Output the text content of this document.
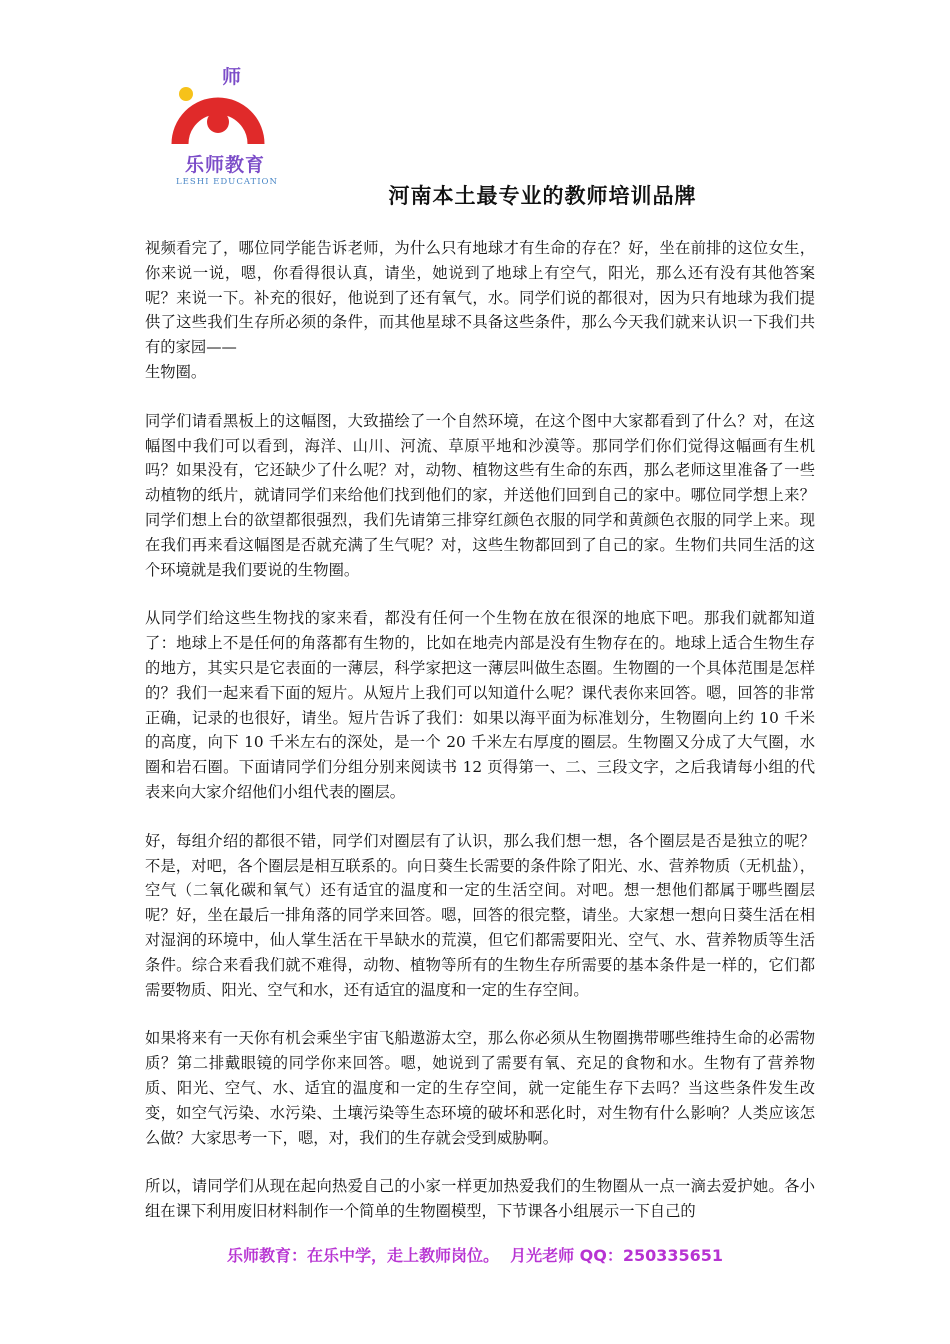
师
乐师教育
LESHI EDUCATION
河南本土最专业的教师培训品牌

视频看完了，哪位同学能告诉老师，为什么只有地球才有生命的存在？好，坐在前排的这位女生，你来说一说，嗯，你看得很认真，请坐，她说到了地球上有空气，阳光，那么还有没有其他答案呢？来说一下。补充的很好，他说到了还有氧气，水。同学们说的都很对，因为只有地球为我们提供了这些我们生存所必须的条件，而其他星球不具备这些条件，那么今天我们就来认识一下我们共有的家园——
生物圈。

同学们请看黑板上的这幅图，大致描绘了一个自然环境，在这个图中大家都看到了什么？对，在这幅图中我们可以看到，海洋、山川、河流、草原平地和沙漠等。那同学们你们觉得这幅画有生机吗？如果没有，它还缺少了什么呢？对，动物、植物这些有生命的东西，那么老师这里准备了一些动植物的纸片，就请同学们来给他们找到他们的家，并送他们回到自己的家中。哪位同学想上来？同学们想上台的欲望都很强烈，我们先请第三排穿红颜色衣服的同学和黄颜色衣服的同学上来。现在我们再来看这幅图是否就充满了生气呢？对，这些生物都回到了自己的家。生物们共同生活的这个环境就是我们要说的生物圈。

从同学们给这些生物找的家来看，都没有任何一个生物在放在很深的地底下吧。那我们就都知道了：地球上不是任何的角落都有生物的，比如在地壳内部是没有生物存在的。地球上适合生物生存的地方，其实只是它表面的一薄层，科学家把这一薄层叫做生态圈。生物圈的一个具体范围是怎样的？我们一起来看下面的短片。从短片上我们可以知道什么呢？课代表你来回答。嗯，回答的非常正确，记录的也很好，请坐。短片告诉了我们：如果以海平面为标准划分，生物圈向上约 10 千米的高度，向下 10 千米左右的深处，是一个 20 千米左右厚度的圈层。生物圈又分成了大气圈，水圈和岩石圈。下面请同学们分组分别来阅读书 12 页得第一、二、三段文字，之后我请每小组的代表来向大家介绍他们小组代表的圈层。

好，每组介绍的都很不错，同学们对圈层有了认识，那么我们想一想，各个圈层是否是独立的呢？不是，对吧，各个圈层是相互联系的。向日葵生长需要的条件除了阳光、水、营养物质（无机盐），空气（二氧化碳和氧气）还有适宜的温度和一定的生活空间。对吧。想一想他们都属于哪些圈层呢？好，坐在最后一排角落的同学来回答。嗯，回答的很完整，请坐。大家想一想向日葵生活在相对湿润的环境中，仙人掌生活在干旱缺水的荒漠，但它们都需要阳光、空气、水、营养物质等生活条件。综合来看我们就不难得，动物、植物等所有的生物生存所需要的基本条件是一样的，它们都需要物质、阳光、空气和水，还有适宜的温度和一定的生存空间。

如果将来有一天你有机会乘坐宇宙飞船遨游太空，那么你必须从生物圈携带哪些维持生命的必需物质？第二排戴眼镜的同学你来回答。嗯，她说到了需要有氧、充足的食物和水。生物有了营养物质、阳光、空气、水、适宜的温度和一定的生存空间，就一定能生存下去吗？当这些条件发生改变，如空气污染、水污染、土壤污染等生态环境的破坏和恶化时，对生物有什么影响？人类应该怎么做？大家思考一下，嗯，对，我们的生存就会受到威胁啊。

所以，请同学们从现在起向热爱自己的小家一样更加热爱我们的生物圈从一点一滴去爱护她。各小组在课下利用废旧材料制作一个简单的生物圈模型，下节课各小组展示一下自己的

乐师教育：在乐中学，走上教师岗位。  月光老师 QQ：250335651
